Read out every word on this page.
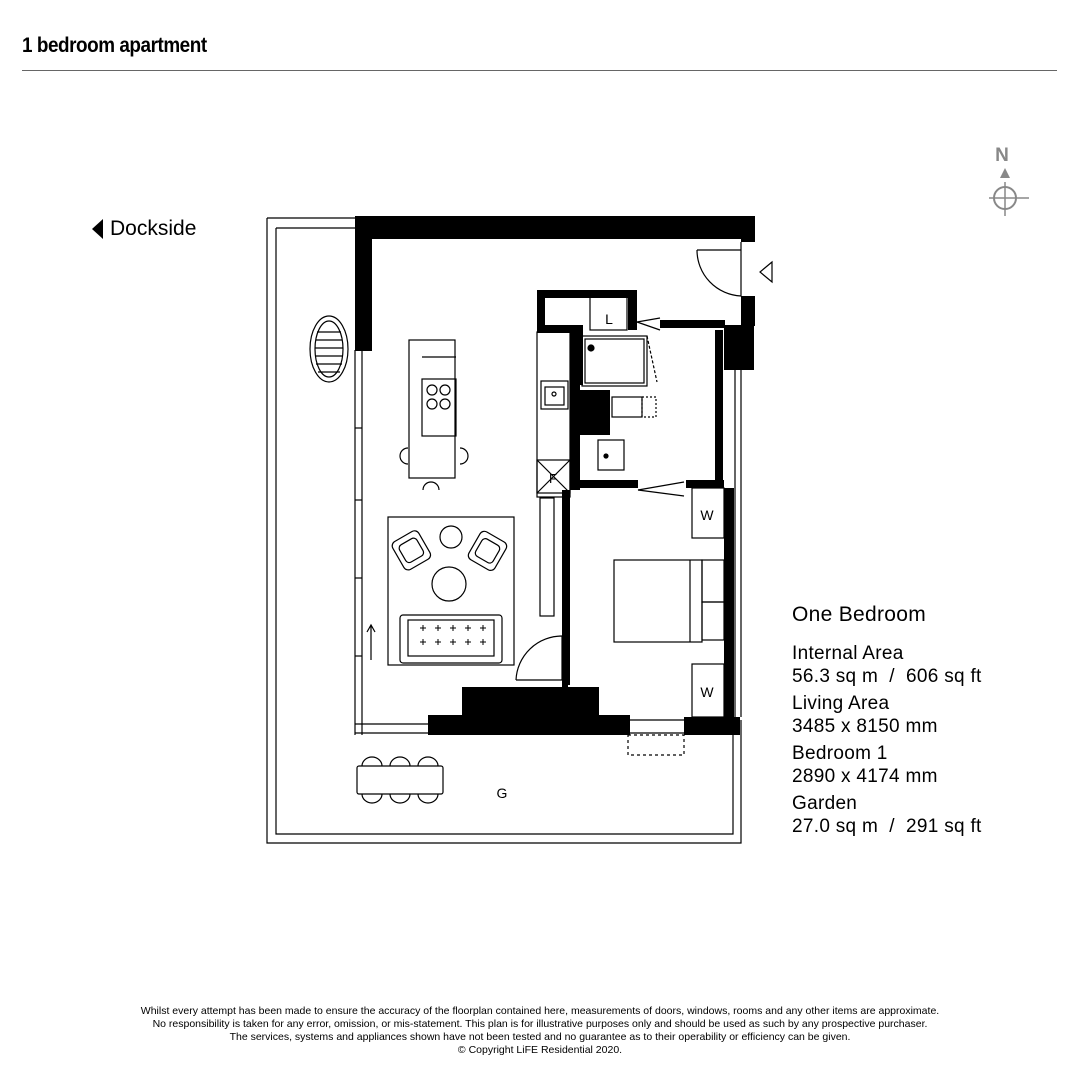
1 bedroom apartment
Dockside
N
L
F
W
W
G
One Bedroom
Internal Area
56.3 sq m  /  606 sq ft
Living Area
3485 x 8150 mm
Bedroom 1
2890 x 4174 mm
Garden
27.0 sq m  /  291 sq ft
Whilst every attempt has been made to ensure the accuracy of the floorplan contained here, measurements of doors, windows, rooms and any other items are approximate.
No responsibility is taken for any error, omission, or mis-statement. This plan is for illustrative purposes only and should be used as such by any prospective purchaser.
The services, systems and appliances shown have not been tested and no guarantee as to their operability or efficiency can be given.
© Copyright LiFE Residential 2020.
